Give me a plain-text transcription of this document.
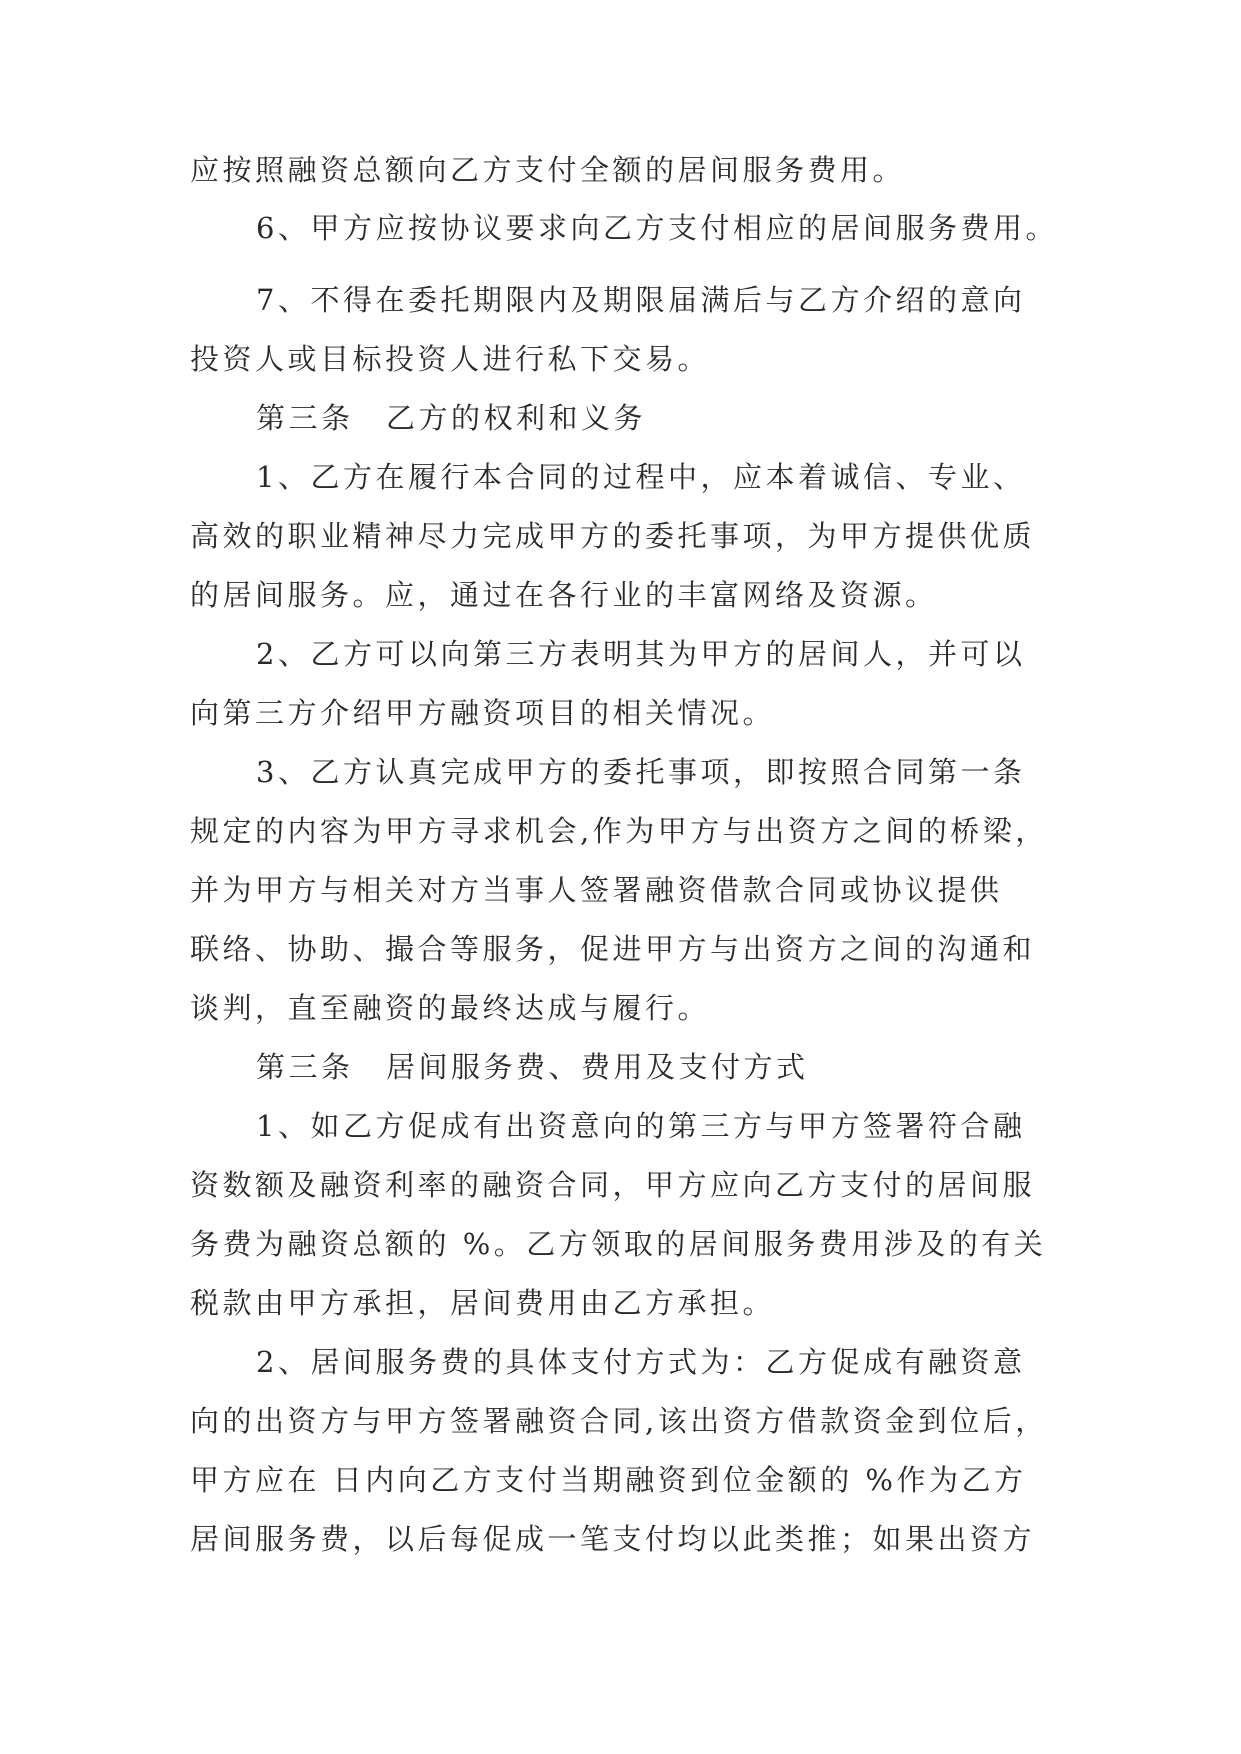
应按照融资总额向乙方支付全额的居间服务费用。
6、甲方应按协议要求向乙方支付相应的居间服务费用。
7、不得在委托期限内及期限届满后与乙方介绍的意向
投资人或目标投资人进行私下交易。
第三条　乙方的权利和义务
1、乙方在履行本合同的过程中，应本着诚信、专业、
高效的职业精神尽力完成甲方的委托事项，为甲方提供优质
的居间服务。应，通过在各行业的丰富网络及资源。
2、乙方可以向第三方表明其为甲方的居间人，并可以
向第三方介绍甲方融资项目的相关情况。
3、乙方认真完成甲方的委托事项，即按照合同第一条
规定的内容为甲方寻求机会,作为甲方与出资方之间的桥梁，
并为甲方与相关对方当事人签署融资借款合同或协议提供
联络、协助、撮合等服务，促进甲方与出资方之间的沟通和
谈判，直至融资的最终达成与履行。
第三条　居间服务费、费用及支付方式
1、如乙方促成有出资意向的第三方与甲方签署符合融
资数额及融资利率的融资合同，甲方应向乙方支付的居间服
务费为融资总额的 %。乙方领取的居间服务费用涉及的有关
税款由甲方承担，居间费用由乙方承担。
2、居间服务费的具体支付方式为：乙方促成有融资意
向的出资方与甲方签署融资合同,该出资方借款资金到位后，
甲方应在 日内向乙方支付当期融资到位金额的 %作为乙方
居间服务费，以后每促成一笔支付均以此类推；如果出资方
